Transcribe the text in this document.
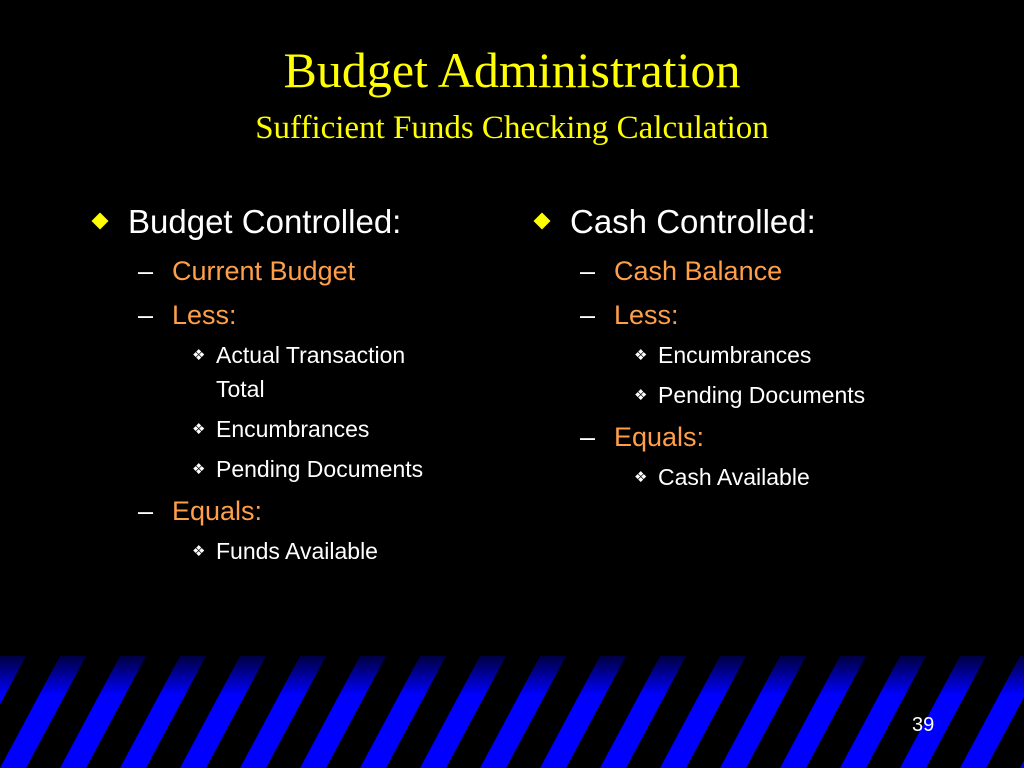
Budget Administration
Sufficient Funds Checking Calculation
Budget Controlled:
– Current Budget
– Less:
❖ Actual Transaction Total
❖ Encumbrances
❖ Pending Documents
– Equals:
❖ Funds Available
Cash Controlled:
– Cash Balance
– Less:
❖ Encumbrances
❖ Pending Documents
– Equals:
❖ Cash Available
39
